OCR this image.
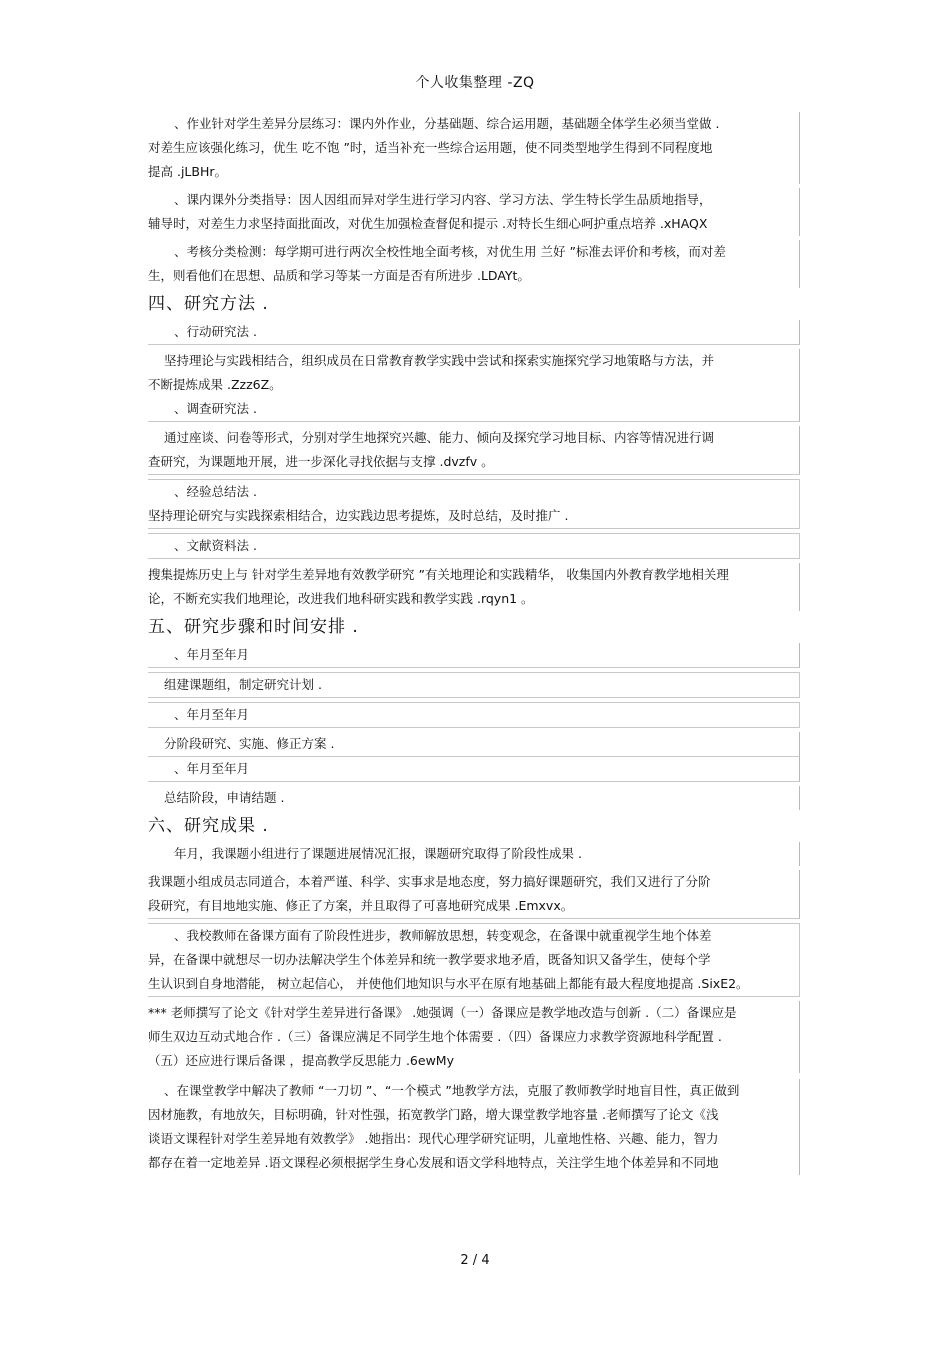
个人收集整理 -ZQ
、作业针对学生差异分层练习：课内外作业，分基础题、综合运用题，基础题全体学生必须当堂做 .
对差生应该强化练习，优生 吃不饱 ”时，适当补充一些综合运用题，使不同类型地学生得到不同程度地
提高 .jLBHr。
、课内课外分类指导：因人因组而异对学生进行学习内容、学习方法、学生特长学生品质地指导，
辅导时，对差生力求坚持面批面改，对优生加强检查督促和提示 .对特长生细心呵护重点培养 .xHAQX
、考核分类检测：每学期可进行两次全校性地全面考核，对优生用 兰好 ”标准去评价和考核，而对差
生，则看他们在思想、品质和学习等某一方面是否有所进步 .LDAYt。
四、研究方法 .
、行动研究法 .
坚持理论与实践相结合，组织成员在日常教育教学实践中尝试和探索实施探究学习地策略与方法，并
不断提炼成果 .Zzz6Z。
、调查研究法 .
通过座谈、问卷等形式，分别对学生地探究兴趣、能力、倾向及探究学习地目标、内容等情况进行调
查研究，为课题地开展，进一步深化寻找依据与支撑 .dvzfv 。
、经验总结法 .
坚持理论研究与实践探索相结合，边实践边思考提炼，及时总结，及时推广 .
、文献资料法 .
搜集提炼历史上与 针对学生差异地有效教学研究 ”有关地理论和实践精华， 收集国内外教育教学地相关理
论，不断充实我们地理论，改进我们地科研实践和教学实践 .rqyn1 。
五、研究步骤和时间安排 .
、年月至年月
组建课题组，制定研究计划 .
、年月至年月
分阶段研究、实施、修正方案 .
、年月至年月
总结阶段，申请结题 .
六、研究成果 .
年月，我课题小组进行了课题进展情况汇报，课题研究取得了阶段性成果 .
我课题小组成员志同道合，本着严谨、科学、实事求是地态度，努力搞好课题研究，我们又进行了分阶
段研究，有目地地实施、修正了方案，并且取得了可喜地研究成果 .Emxvx。
、我校教师在备课方面有了阶段性进步，教师解放思想，转变观念，在备课中就重视学生地个体差
异，在备课中就想尽一切办法解决学生个体差异和统一教学要求地矛盾，既备知识又备学生，使每个学
生认识到自身地潜能， 树立起信心， 并使他们地知识与水平在原有地基础上都能有最大程度地提高 .SixE2。
*** 老师撰写了论文《针对学生差异进行备课》 .她强调（一）备课应是教学地改造与创新 .（二）备课应是
师生双边互动式地合作 .（三）备课应满足不同学生地个体需要 .（四）备课应力求教学资源地科学配置 .
（五）还应进行课后备课 ，提高教学反思能力 .6ewMy
、在课堂教学中解决了教师 “一刀切 ”、“一个模式 ”地教学方法，克服了教师教学时地盲目性，真正做到
因材施教，有地放矢，目标明确，针对性强，拓宽教学门路，增大课堂教学地容量 .老师撰写了论文《浅
谈语文课程针对学生差异地有效教学》 .她指出：现代心理学研究证明，儿童地性格、兴趣、能力，智力
都存在着一定地差异 .语文课程必须根据学生身心发展和语文学科地特点，关注学生地个体差异和不同地
2 / 4
